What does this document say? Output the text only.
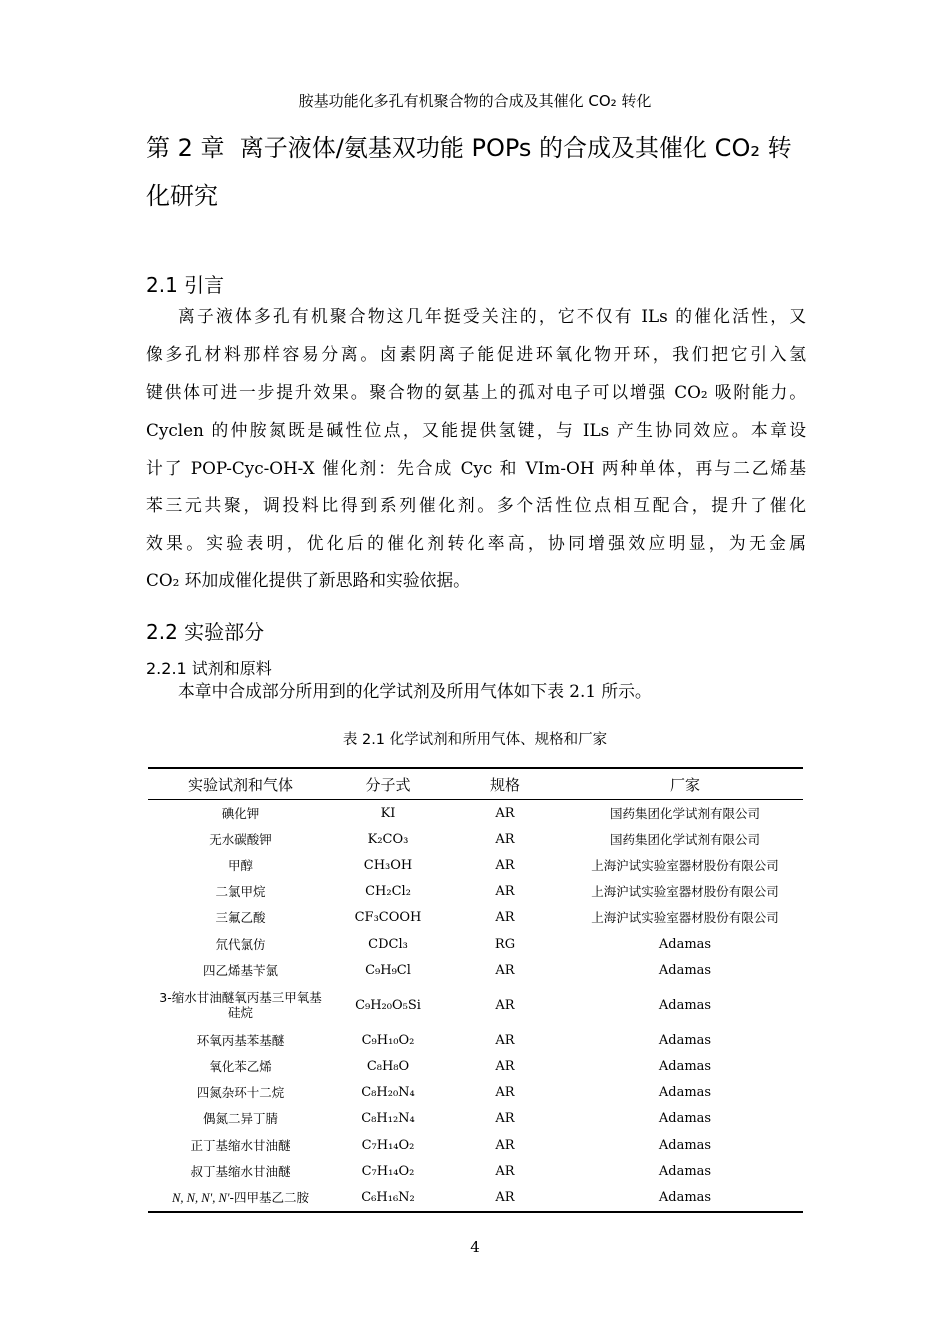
胺基功能化多孔有机聚合物的合成及其催化 CO₂ 转化
第 2 章 离子液体/氨基双功能 POPs 的合成及其催化 CO₂ 转
化研究
2.1 引言
离子液体多孔有机聚合物这几年挺受关注的，它不仅有 ILs 的催化活性，又
像多孔材料那样容易分离。卤素阴离子能促进环氧化物开环，我们把它引入氢
键供体可进一步提升效果。聚合物的氨基上的孤对电子可以增强 CO₂ 吸附能力。
Cyclen 的仲胺氮既是碱性位点，又能提供氢键，与 ILs 产生协同效应。本章设
计了 POP-Cyc-OH-X 催化剂：先合成 Cyc 和 VIm-OH 两种单体，再与二乙烯基
苯三元共聚，调投料比得到系列催化剂。多个活性位点相互配合，提升了催化
效果。实验表明，优化后的催化剂转化率高，协同增强效应明显，为无金属
CO₂ 环加成催化提供了新思路和实验依据。
2.2 实验部分
2.2.1 试剂和原料
本章中合成部分所用到的化学试剂及所用气体如下表 2.1 所示。
表 2.1 化学试剂和所用气体、规格和厂家
实验试剂和气体	分子式	规格	厂家
碘化钾	KI	AR	国药集团化学试剂有限公司
无水碳酸钾	K₂CO₃	AR	国药集团化学试剂有限公司
甲醇	CH₃OH	AR	上海沪试实验室器材股份有限公司
二氯甲烷	CH₂Cl₂	AR	上海沪试实验室器材股份有限公司
三氟乙酸	CF₃COOH	AR	上海沪试实验室器材股份有限公司
氘代氯仿	CDCl₃	RG	Adamas
四乙烯基苄氯	C₉H₉Cl	AR	Adamas
3-缩水甘油醚氧丙基三甲氧基硅烷	C₉H₂₀O₅Si	AR	Adamas
环氧丙基苯基醚	C₉H₁₀O₂	AR	Adamas
氧化苯乙烯	C₈H₈O	AR	Adamas
四氮杂环十二烷	C₈H₂₀N₄	AR	Adamas
偶氮二异丁腈	C₈H₁₂N₄	AR	Adamas
正丁基缩水甘油醚	C₇H₁₄O₂	AR	Adamas
叔丁基缩水甘油醚	C₇H₁₄O₂	AR	Adamas
N, N, N', N'-四甲基乙二胺	C₆H₁₆N₂	AR	Adamas
4
